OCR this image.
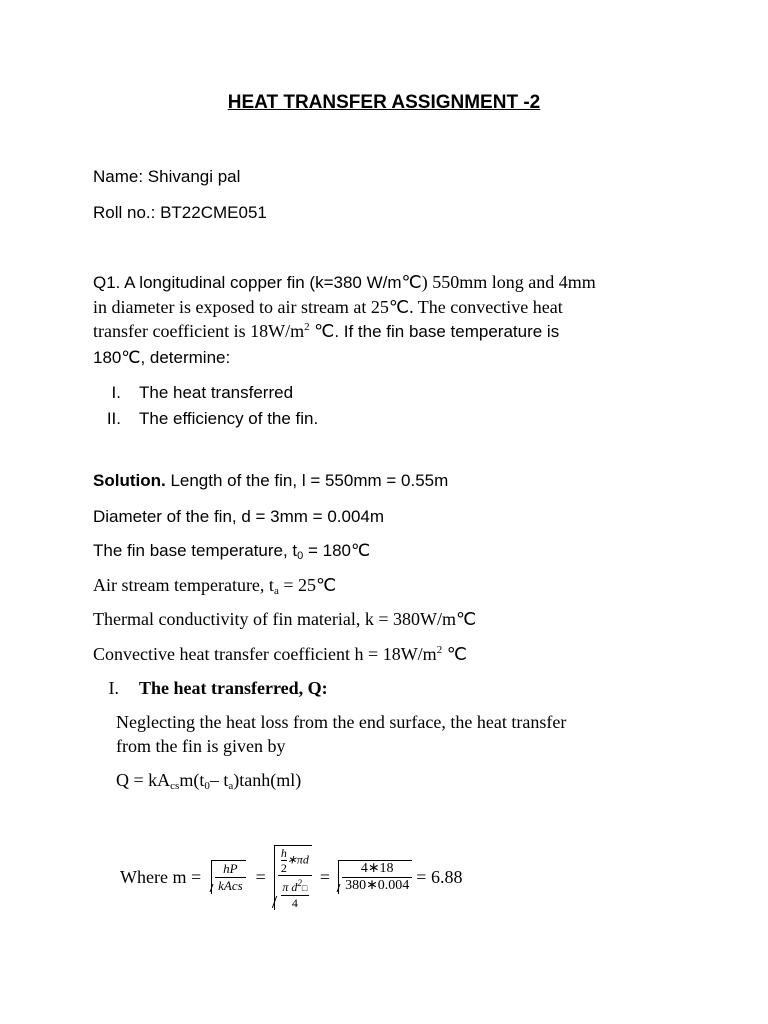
HEAT TRANSFER ASSIGNMENT -2
Name: Shivangi pal
Roll no.: BT22CME051
Q1. A longitudinal copper fin (k=380 W/m℃) 550mm long and 4mm
in diameter is exposed to air stream at 25℃. The convective heat
transfer coefficient is $18W/m^2$ ℃. If the fin base temperature is
180℃, determine:
I. The heat transferred
II. The efficiency of the fin.
Solution. Length of the fin, l = 550mm = 0.55m
Diameter of the fin, d = 3mm = 0.004m
The fin base temperature, $t_0$ = 180℃
Air stream temperature, $t_a$ = 25℃
Thermal conductivity of fin material, k = 380W/m℃
Convective heat transfer coefficient $h = 18W/m^2$ ℃
I. The heat transferred, Q:
Neglecting the heat loss from the end surface, the heat transfer
from the fin is given by
$Q = kA_{cs}m(t_0-$ $t_a)\tanh(ml)$
Where $m = \frac{hP}{\text{kAcs}} = \frac{h}{2}$ ∗πd
π $d^2□$
$4 = \frac{4∗18}{380∗0.004} = 6.88$
